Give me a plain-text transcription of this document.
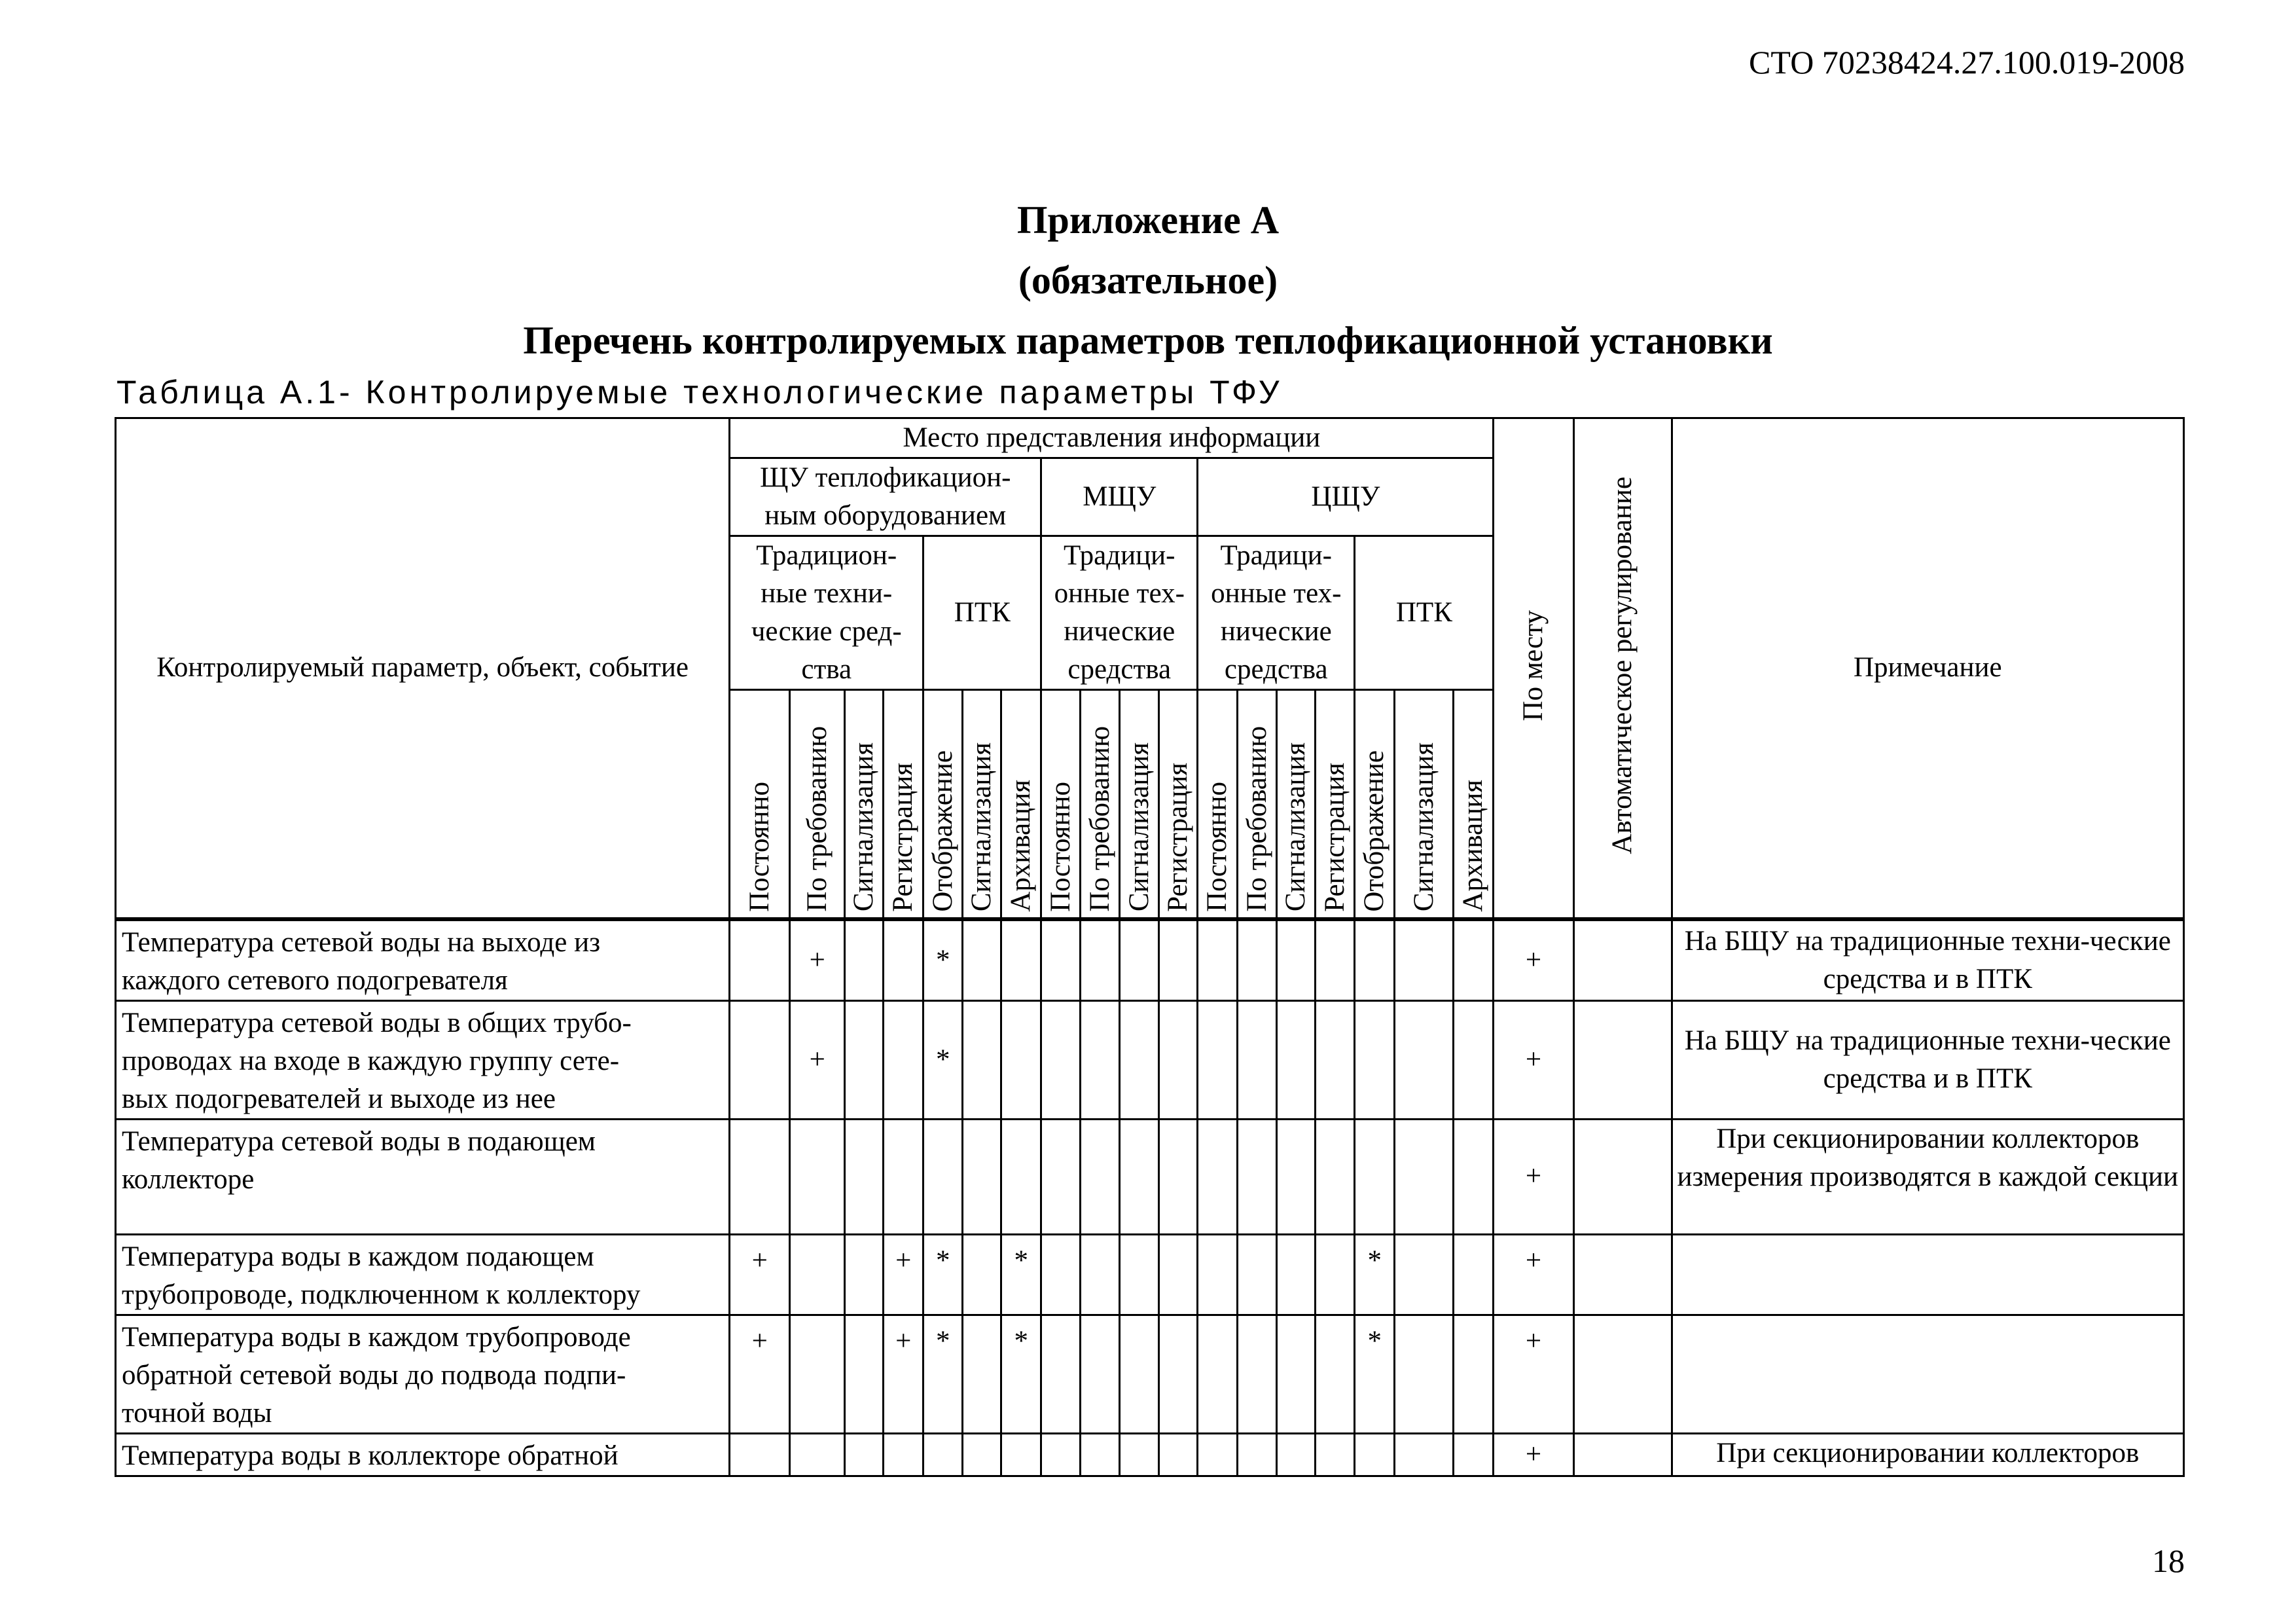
СТО 70238424.27.100.019-2008
Приложение А
(обязательное)
Перечень контролируемых параметров теплофикационной установки
Таблица А.1- Контролируемые технологические параметры ТФУ
Контролируемый параметр, объект, событие	Место представления информации																		По месту	Автоматическое регулирование	Примечание
	ЩУ теплофикацион-ным оборудованием							МЩУ				ЦЩУ									
	Традицион-ные техни-ческие сред-ства				ПТК			Традици-онные тех-нические средства				Традици-онные тех-нические средства				ПТК					

	Постоянно	По требованию	Сигнализация	Регистрация	Отображение	Сигнализация	Архивация	Постоянно	По требованию	Сигнализация	Регистрация	Постоянно	По требованию	Сигнализация	Регистрация	Отображение	Сигнализация	Архивация			

Температура сетевой воды на выходе из
каждого сетевого подогревателя		+			*														+		На БЩУ на традиционные техни-ческие средства и в ПТК
Температура сетевой воды в общих трубо-
проводах на входе в каждую группу сете-
вых подогревателей и выходе из нее		+			*														+		На БЩУ на традиционные техни-ческие средства и в ПТК
Температура сетевой воды в подающем
коллекторе																			+		При секционировании коллекторов измерения производятся в каждой секции
Температура воды в каждом подающем
трубопроводе, подключенном к коллектору	+			+	*		*									*			+		
Температура воды в каждом трубопроводе
обратной сетевой воды до подвода подпи-
точной воды	+			+	*		*									*			+		
Температура воды в коллекторе обратной																			+		При секционировании коллекторов
18
